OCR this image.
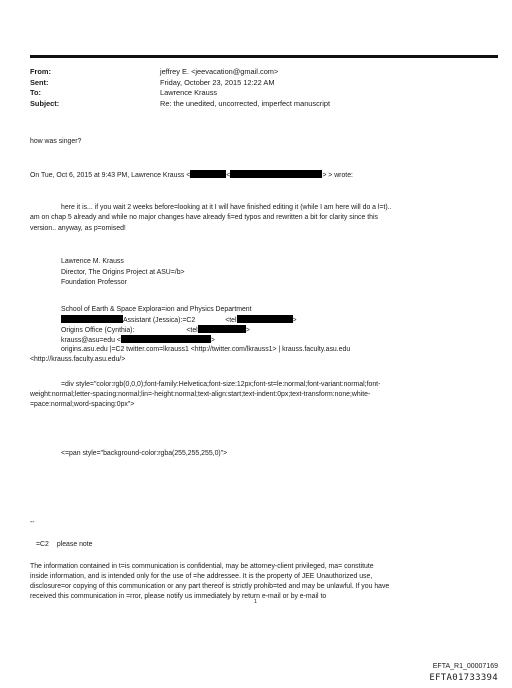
From:	jeffrey E. <jeevacation@gmail.com>
Sent:	Friday, October 23, 2015 12:22 AM
To:	Lawrence Krauss
Subject:	Re: the unedited, uncorrected, imperfect manuscript
how was singer?
On Tue, Oct 6, 2015 at 9:43 PM, Lawrence Krauss <	<	> > wrote:
here it is... if you wait 2 weeks before=looking at it I will have finished editing it (while I am here will do a l=t)..
am on chap 5 already and while no major changes have already fi=ed typos and rewritten a bit for clarity since this
version.. anyway, as p=omised!
Lawrence M. Krauss
Director, The Origins Project at ASU=/b>
Foundation Professor
School of Earth & Space Explora=ion and Physics Department
Assistant (Jessica):=C2	<tel	>
Origins Office (Cynthia):	<tel	>
krauss@asu=edu <	>
origins.asu.edu |=C2 twitter.com=lkrauss1 <http://twitter.com/lkrauss1> | krauss.faculty.asu.edu
<http://krauss.faculty.asu.edu/>
=div style="color:rgb(0,0,0);font-family:Helvetica;font-size:12px;font-st=le:normal;font-variant:normal;font-
weight:normal;letter-spacing:normal;lin=-height:normal;text-align:start;text-indent:0px;text-transform:none;white-
=pace:normal;word-spacing:0px">
<=pan style="background-color:rgba(255,255,255,0)">
--
=C2 please note
The information contained in t=is communication is confidential, may be attorney-client privileged, ma= constitute
inside information, and is intended only for the use of =he addressee. It is the property of JEE Unauthorized use,
disclosure=or copying of this communication or any part thereof is strictly prohib=ted and may be unlawful. If you have
received this communication in =rror, please notify us immediately by return e-mail or by e-mail to
1
EFTA_R1_00007169
EFTA01733394
